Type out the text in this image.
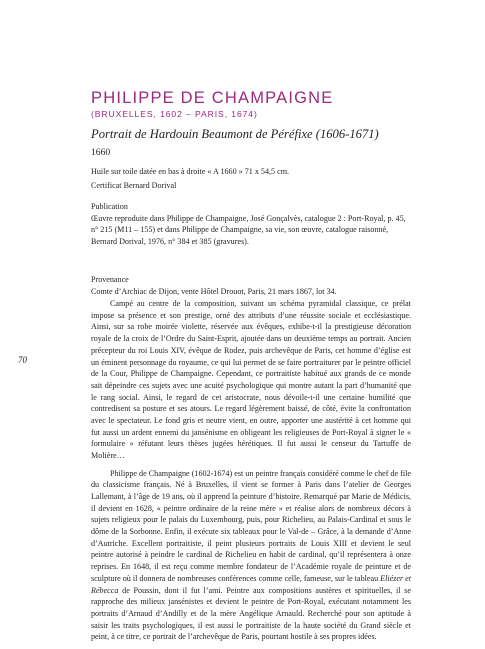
PHILIPPE DE CHAMPAIGNE
(BRUXELLES, 1602 – PARIS, 1674)
Portrait de Hardouin Beaumont de Péréfixe (1606-1671)
1660
Huile sur toile datée en bas à droite « A 1660 » 71 x 54,5 cm.
Certificat Bernard Dorival

Publication

Œuvre reproduite dans Philippe de Champaigne, José Gonçalvès, catalogue 2 : Port-Royal, p. 45, n° 215 (M11 – 155) et dans Philippe de Champaigne, sa vie, son œuvre, catalogue raisonné, Bernard Dorival, 1976, n° 384 et 385 (gravures).

Provenance

Comte d’Archiac de Dijon, vente Hôtel Drouot, Paris, 21 mars 1867, lot 34.

Campé au centre de la composition, suivant un schéma pyramidal classique, ce prélat impose sa présence et son prestige, orné des attributs d’une réussite sociale et ecclésiastique. Ainsi, sur sa robe moirée violette, réservée aux évêques, exhibe-t-il la prestigieuse décoration royale de la croix de l’Ordre du Saint-Esprit, ajoutée dans un deuxième temps au portrait. Ancien précepteur du roi Louis XIV, évêque de Rodez, puis archevêque de Paris, cet homme d’église est un éminent personnage du royaume, ce qui lui permet de se faire portraiturer par le peintre officiel de la Cour, Philippe de Champaigne. Cependant, ce portraitiste habitué aux grands de ce monde sait dépeindre ces sujets avec une acuité psychologique qui montre autant la part d’humanité que le rang social. Ainsi, le regard de cet aristocrate, nous dévoile-t-il une certaine humilité que contredisent sa posture et ses atours. Le regard légèrement baissé, de côté, évite la confrontation avec le spectateur. Le fond gris et neutre vient, en outre, apporter une austérité à cet homme qui fut aussi un ardent ennemi du jansénisme en obligeant les religieuses de Port-Royal à signer le « formulaire » réfutant leurs thèses jugées hérétiques. Il fut aussi le censeur du Tartuffe de Molière…

Philippe de Champaigne (1602-1674) est un peintre français considéré comme le chef de file du classicisme français. Né à Bruxelles, il vient se former à Paris dans l’atelier de Georges Lallemant, à l’âge de 19 ans, où il apprend la peinture d’histoire. Remarqué par Marie de Médicis, il devient en 1628, « peintre ordinaire de la reine mère » et réalise alors de nombreux décors à sujets religieux pour le palais du Luxembourg, puis, pour Richelieu, au Palais-Cardinal et sous le dôme de la Sorbonne. Enfin, il exécute six tableaux pour le Val-de – Grâce, à la demande d’Anne d’Autriche. Excellent portraitiste, il peint plusieurs portraits de Louis XIII et devient le seul peintre autorisé à peindre le cardinal de Richelieu en habit de cardinal, qu’il représentera à onze reprises. En 1648, il est reçu comme membre fondateur de l’Académie royale de peinture et de sculpture où il donnera de nombreuses conférences comme celle, fameuse, sur le tableau Eliézer et Rébecca de Poussin, dont il fut l’ami. Peintre aux compositions austères et spirituelles, il se rapproche des milieux jansénistes et devient le peintre de Port-Royal, exécutant notamment les portraits d’Arnaud d’Andilly et de la mère Angélique Arnauld. Recherché pour son aptitude à saisir les traits psychologiques, il est aussi le portraitiste de la haute société du Grand siècle et peint, à ce titre, ce portrait de l’archevêque de Paris, pourtant hostile à ses propres idées.

70
